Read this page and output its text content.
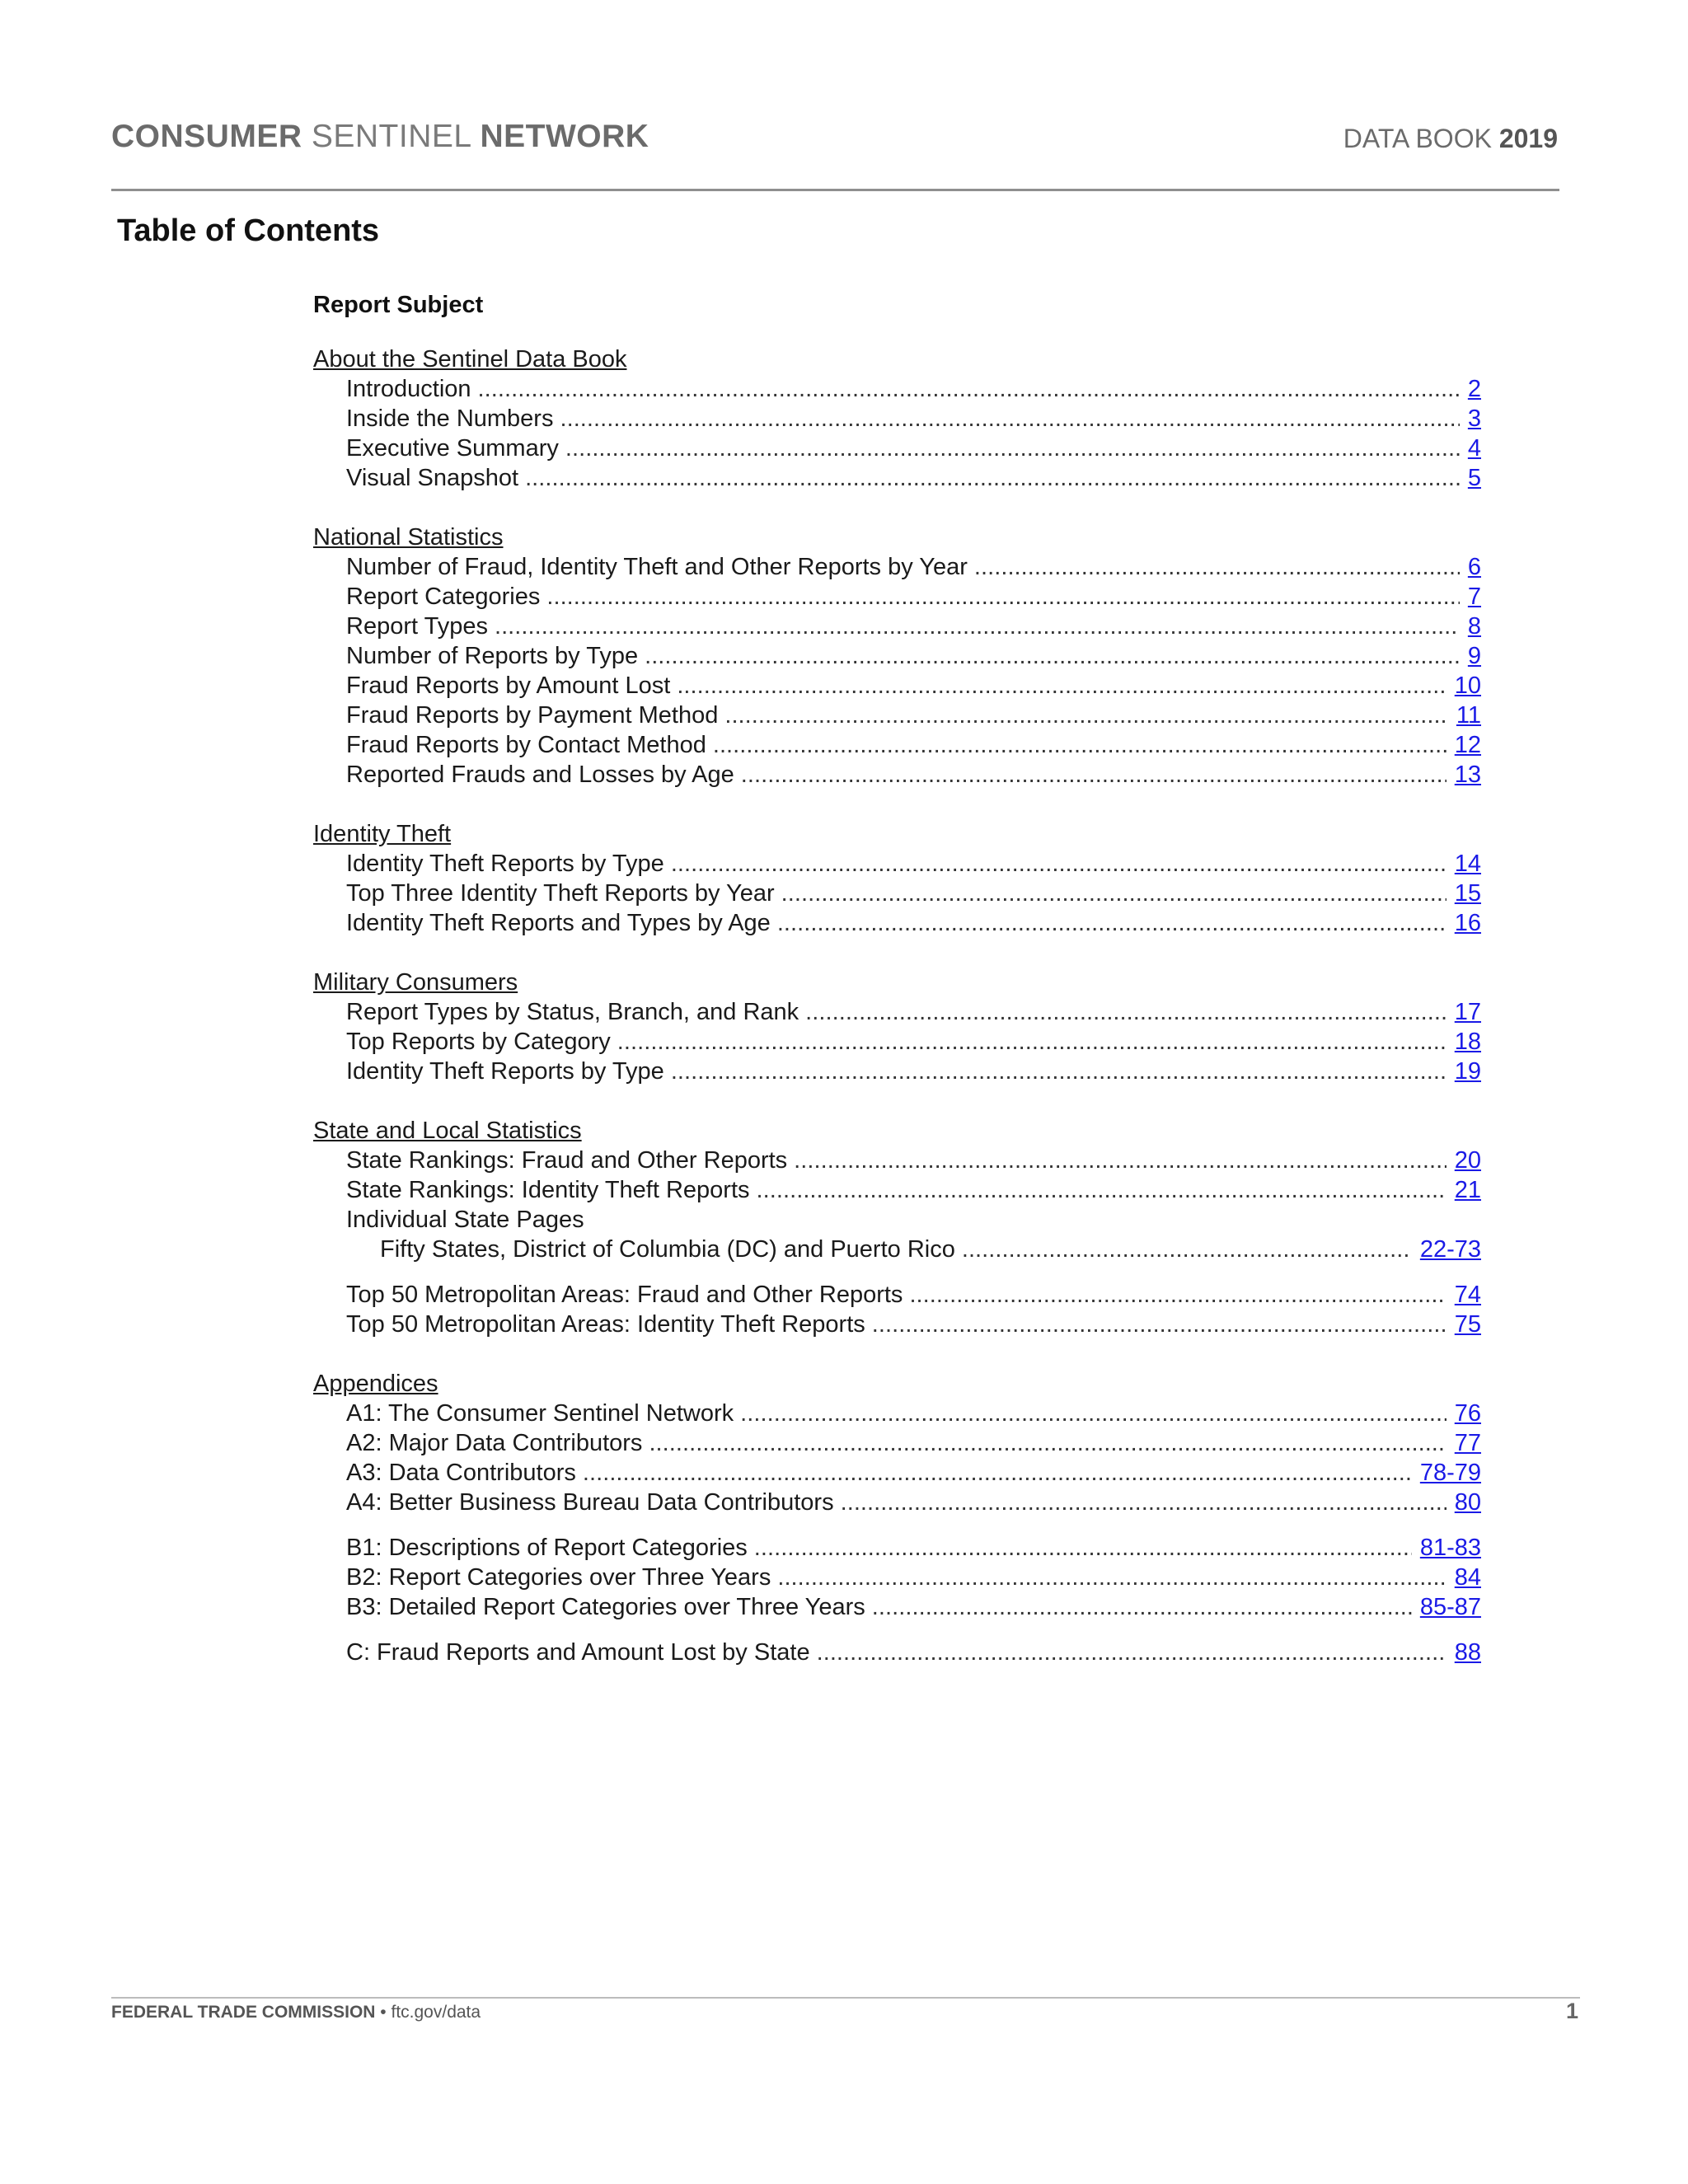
CONSUMER SENTINEL NETWORK	DATA BOOK 2019
Table of Contents
Report Subject
About the Sentinel Data Book
Introduction . . .	2
Inside the Numbers . . .	3
Executive Summary . . .	4
Visual Snapshot . . .	5
National Statistics
Number of Fraud, Identity Theft and Other Reports by Year . . .	6
Report Categories . . .	7
Report Types . . .	8
Number of Reports by Type . . .	9
Fraud Reports by Amount Lost . . .	10
Fraud Reports by Payment Method . . .	11
Fraud Reports by Contact Method . . .	12
Reported Frauds and Losses by Age . . .	13
Identity Theft
Identity Theft Reports by Type . . .	14
Top Three Identity Theft Reports by Year . . .	15
Identity Theft Reports and Types by Age . . .	16
Military Consumers
Report Types by Status, Branch, and Rank . . .	17
Top Reports by Category . . .	18
Identity Theft Reports by Type . . .	19
State and Local Statistics
State Rankings: Fraud and Other Reports . . .	20
State Rankings: Identity Theft Reports . . .	21
Individual State Pages
Fifty States, District of Columbia (DC) and Puerto Rico . . .	22-73
Top 50 Metropolitan Areas: Fraud and Other Reports . . .	74
Top 50 Metropolitan Areas: Identity Theft Reports . . .	75
Appendices
A1: The Consumer Sentinel Network . . .	76
A2: Major Data Contributors . . .	77
A3: Data Contributors . . .	78-79
A4: Better Business Bureau Data Contributors . . .	80
B1: Descriptions of Report Categories . . .	81-83
B2: Report Categories over Three Years . . .	84
B3: Detailed Report Categories over Three Years . . .	85-87
C: Fraud Reports and Amount Lost by State . . .	88
FEDERAL TRADE COMMISSION • ftc.gov/data	1
